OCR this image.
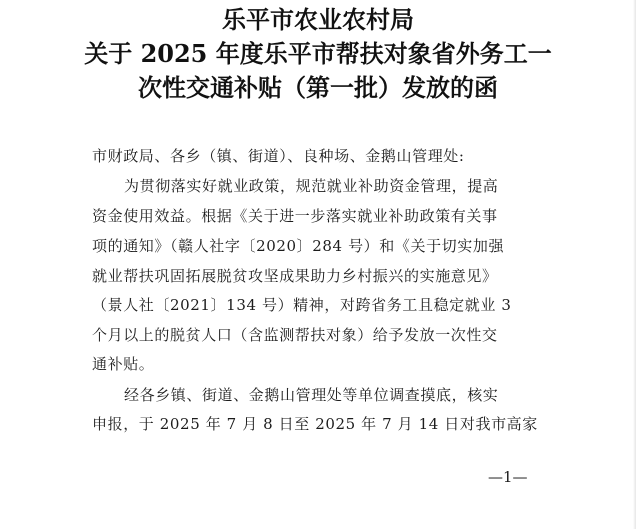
乐平市农业农村局
关于 2025 年度乐平市帮扶对象省外务工一
次性交通补贴（第一批）发放的函
市财政局、各乡（镇、街道）、良种场、金鹅山管理处:
为贯彻落实好就业政策，规范就业补助资金管理，提高
资金使用效益。根据《关于进一步落实就业补助政策有关事
项的通知》（赣人社字〔2020〕284 号）和《关于切实加强
就业帮扶巩固拓展脱贫攻坚成果助力乡村振兴的实施意见》
（景人社〔2021〕134 号）精神，对跨省务工且稳定就业 3
个月以上的脱贫人口（含监测帮扶对象）给予发放一次性交
通补贴。
经各乡镇、街道、金鹅山管理处等单位调查摸底，核实
申报，于 2025 年 7 月 8 日至 2025 年 7 月 14 日对我市高家
—1—
